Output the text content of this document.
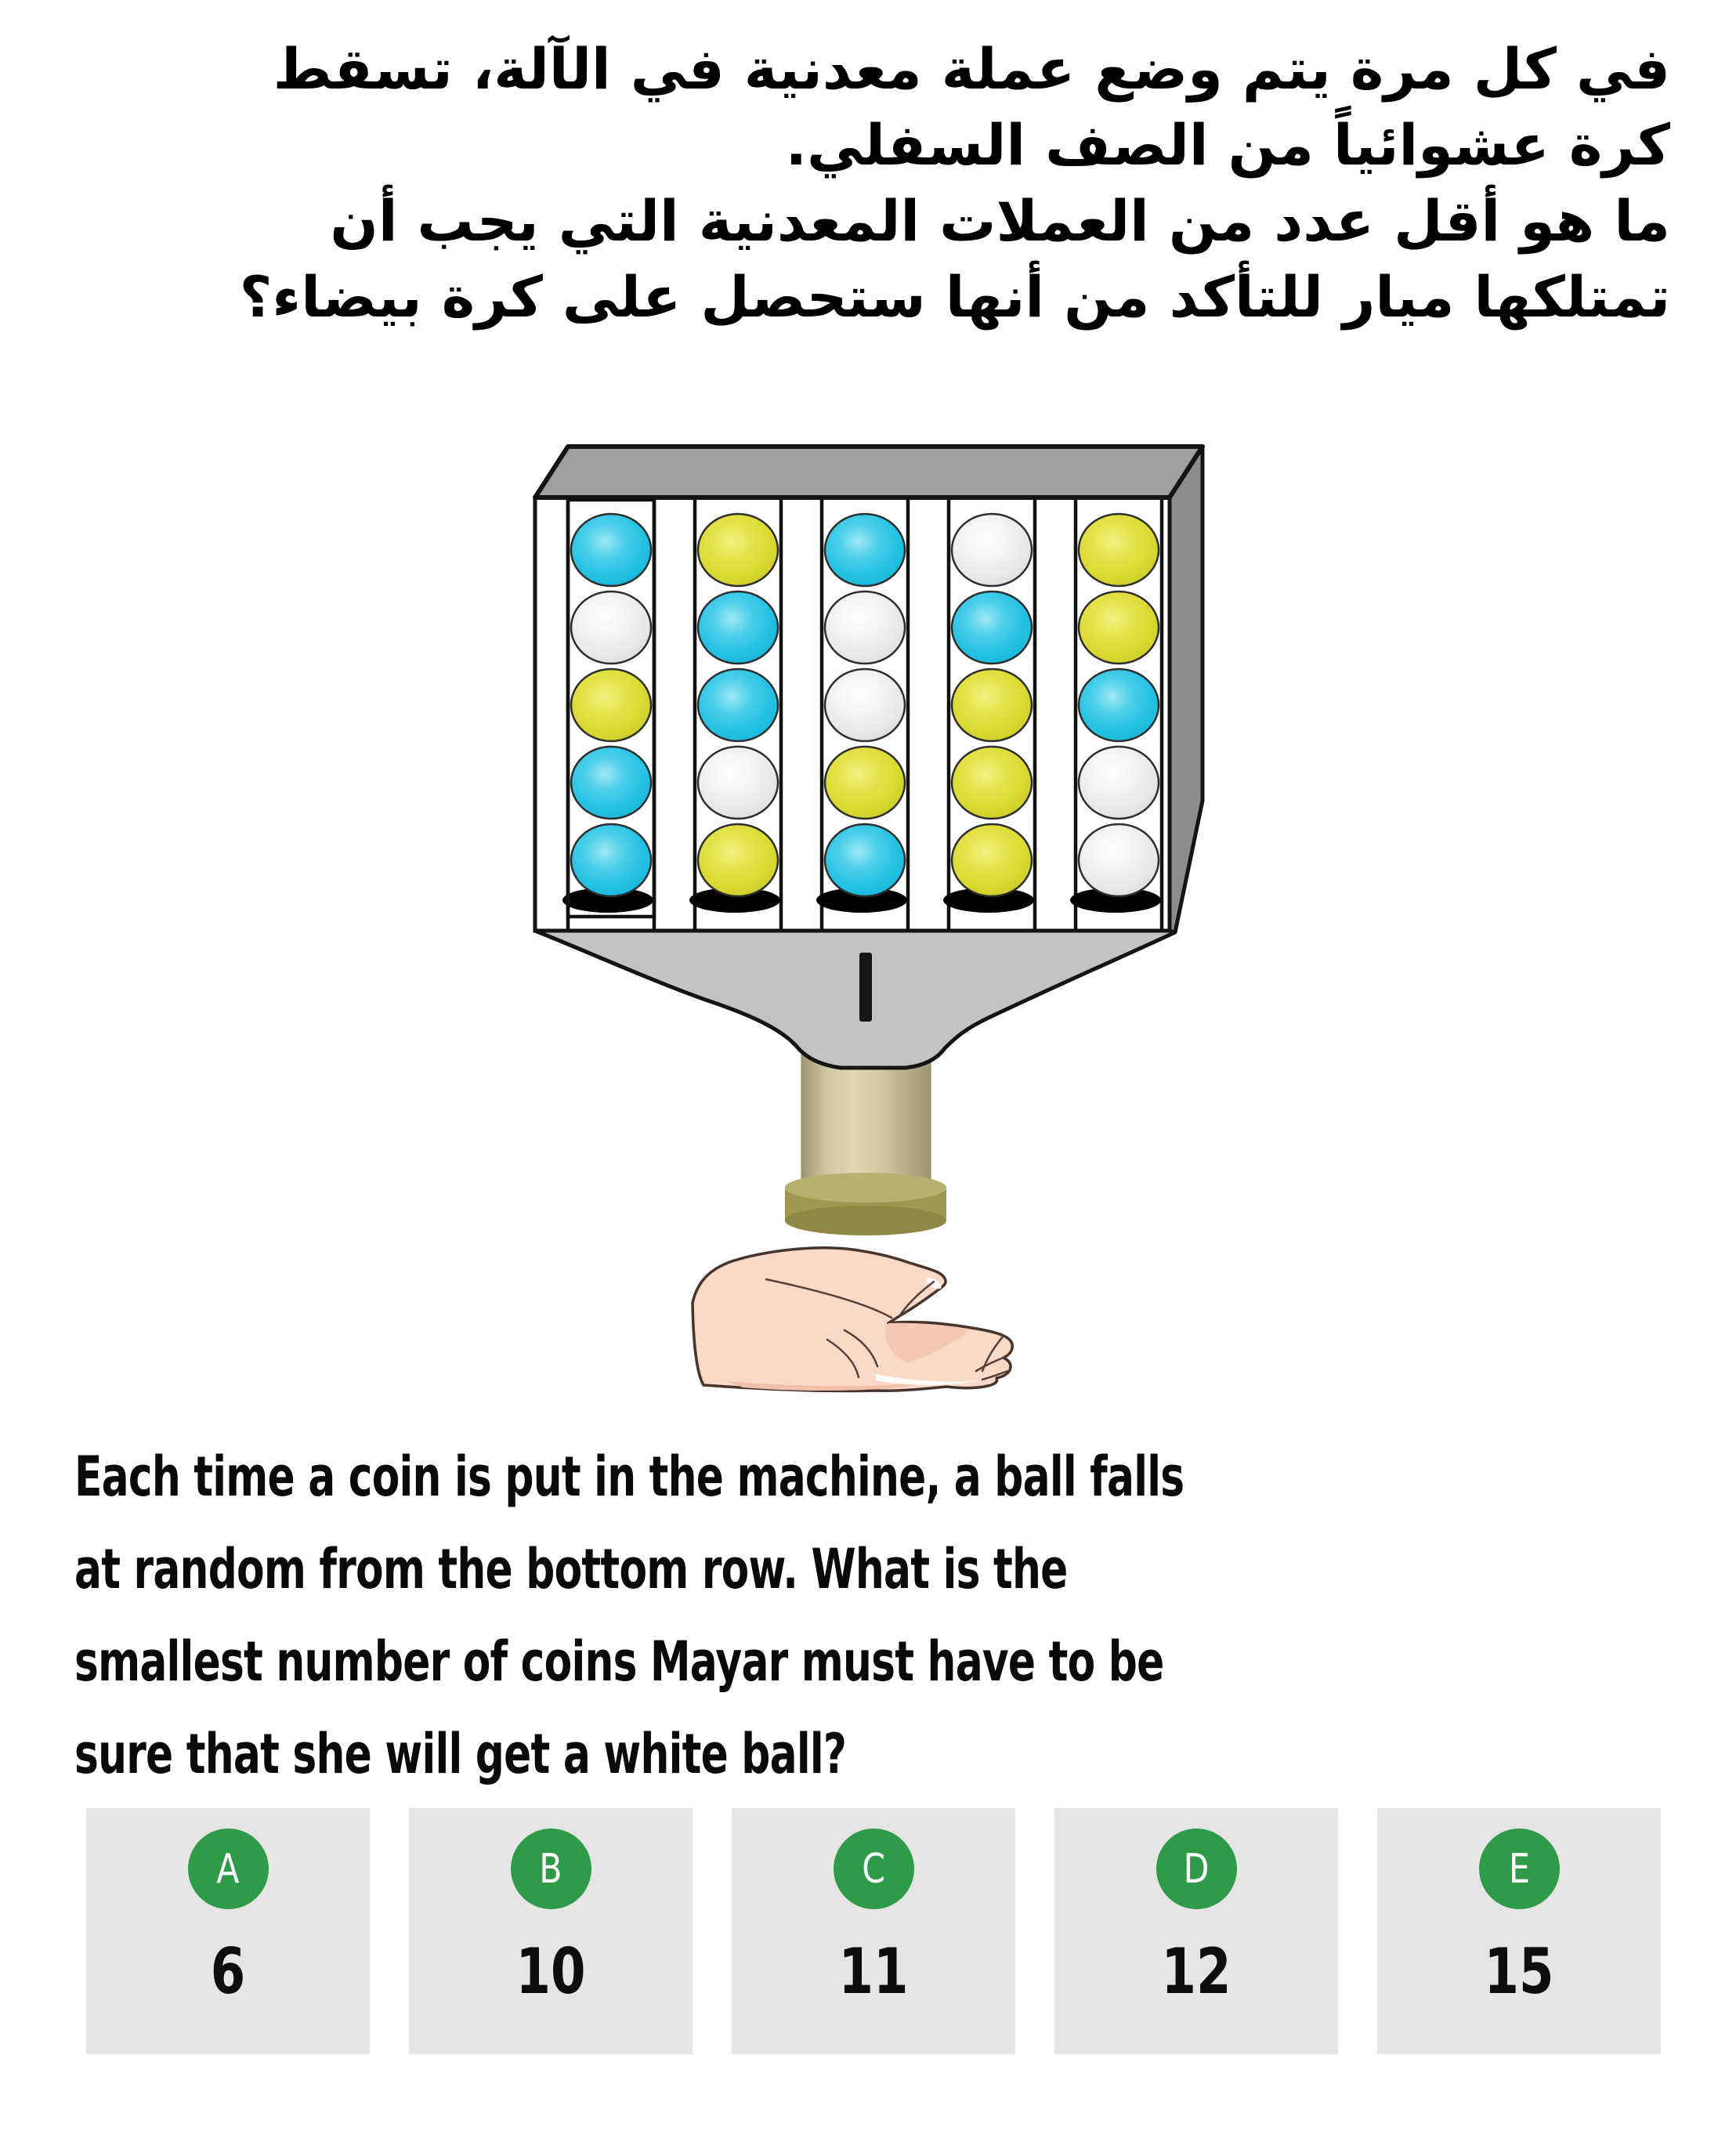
في كل مرة يتم وضع عملة معدنية في الآلة، تسقط
كرة عشوائياً من الصف السفلي.
ما هو أقل عدد من العملات المعدنية التي يجب أن
تمتلكها ميار للتأكد من أنها ستحصل على كرة بيضاء؟
Each time a coin is put in the machine, a ball falls
at random from the bottom row. What is the
smallest number of coins Mayar must have to be
sure that she will get a white ball?
A
6
B
10
C
11
D
12
E
15
